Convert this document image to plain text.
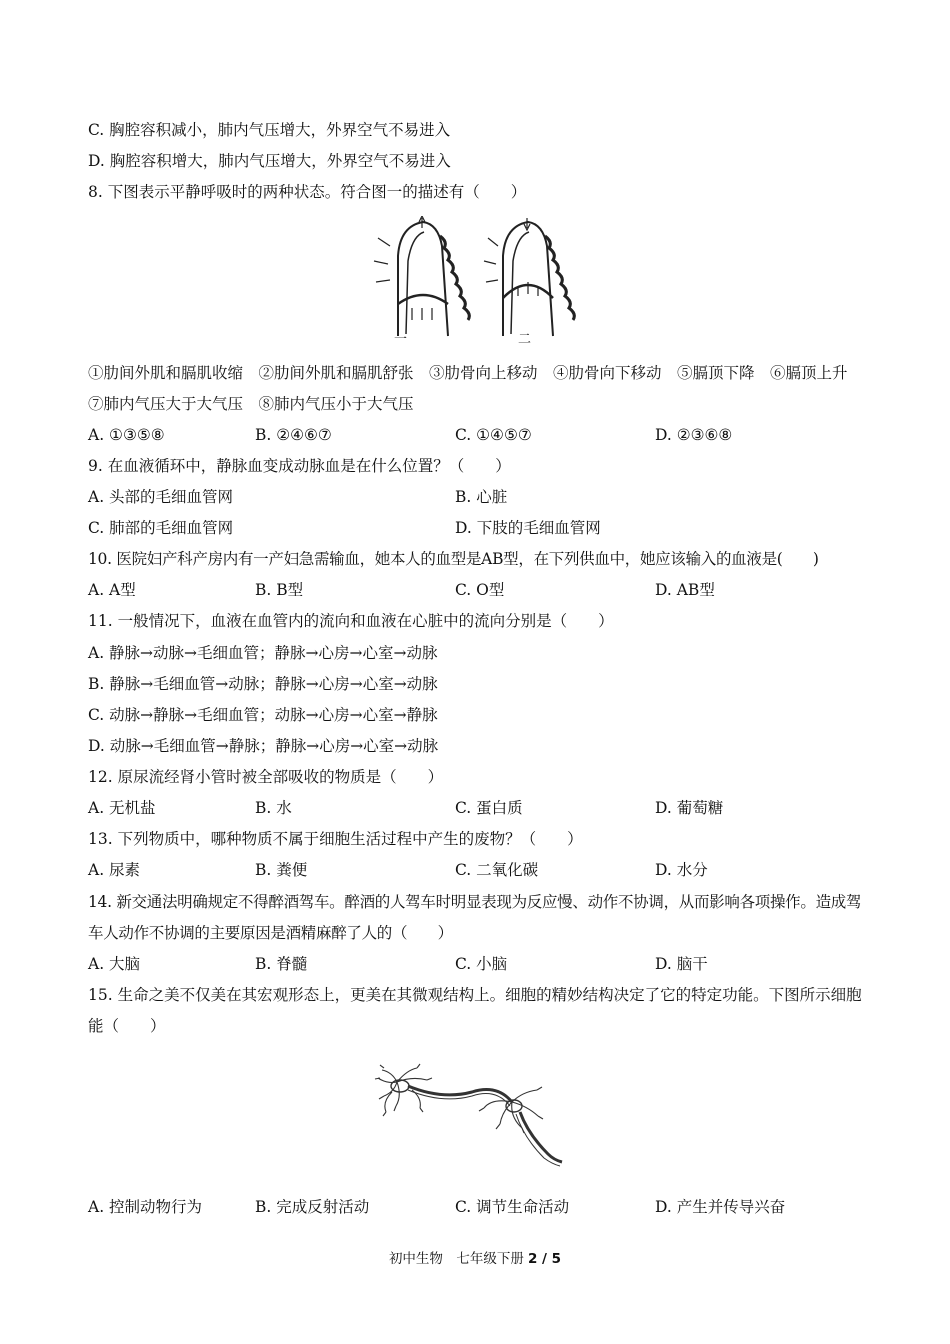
C. 胸腔容积减小，肺内气压增大，外界空气不易进入
D. 胸腔容积增大，肺内气压增大，外界空气不易进入
8. 下图表示平静呼吸时的两种状态。符合图一的描述有（　　）
一	二
①肋间外肌和膈肌收缩　②肋间外肌和膈肌舒张　③肋骨向上移动　④肋骨向下移动　⑤膈顶下降　⑥膈顶上升　⑦肺内气压大于大气压　⑧肺内气压小于大气压
A. ①③⑤⑧	B. ②④⑥⑦	C. ①④⑤⑦	D. ②③⑥⑧
9. 在血液循环中，静脉血变成动脉血是在什么位置？（　　）
A. 头部的毛细血管网	B. 心脏
C. 肺部的毛细血管网	D. 下肢的毛细血管网
10. 医院妇产科产房内有一产妇急需输血，她本人的血型是AB型，在下列供血中，她应该输入的血液是(　　)
A. A型	B. B型	C. O型	D. AB型
11. 一般情况下，血液在血管内的流向和血液在心脏中的流向分别是（　　）
A. 静脉→动脉→毛细血管；静脉→心房→心室→动脉
B. 静脉→毛细血管→动脉；静脉→心房→心室→动脉
C. 动脉→静脉→毛细血管；动脉→心房→心室→静脉
D. 动脉→毛细血管→静脉；静脉→心房→心室→动脉
12. 原尿流经肾小管时被全部吸收的物质是（　　）
A. 无机盐	B. 水	C. 蛋白质	D. 葡萄糖
13. 下列物质中，哪种物质不属于细胞生活过程中产生的废物？（　　）
A. 尿素	B. 粪便	C. 二氧化碳	D. 水分
14. 新交通法明确规定不得醉酒驾车。醉酒的人驾车时明显表现为反应慢、动作不协调，从而影响各项操作。造成驾车人动作不协调的主要原因是酒精麻醉了人的（　　）
A. 大脑	B. 脊髓	C. 小脑	D. 脑干
15. 生命之美不仅美在其宏观形态上，更美在其微观结构上。细胞的精妙结构决定了它的特定功能。下图所示细胞能（　　）
A. 控制动物行为	B. 完成反射活动	C. 调节生命活动	D. 产生并传导兴奋
初中生物　七年级下册 2 / 5
